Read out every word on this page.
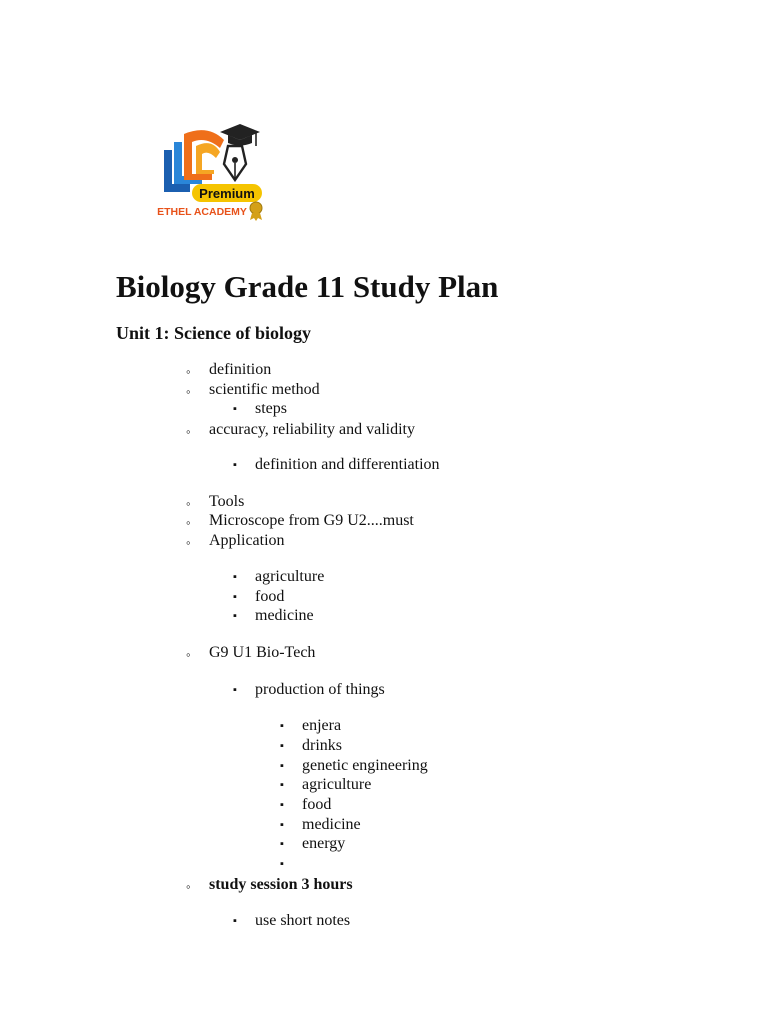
Premium
ETHEL ACADEMY
Biology Grade 11 Study Plan
Unit 1: Science of biology
◦ definition
◦ scientific method
▪ steps
◦ accuracy, reliability and validity
▪ definition and differentiation
◦ Tools
◦ Microscope from G9 U2....must
◦ Application
▪ agriculture
▪ food
▪ medicine
◦ G9 U1 Bio-Tech
▪ production of things
▪ enjera
▪ drinks
▪ genetic engineering
▪ agriculture
▪ food
▪ medicine
▪ energy
▪
◦ study session 3 hours
▪ use short notes
